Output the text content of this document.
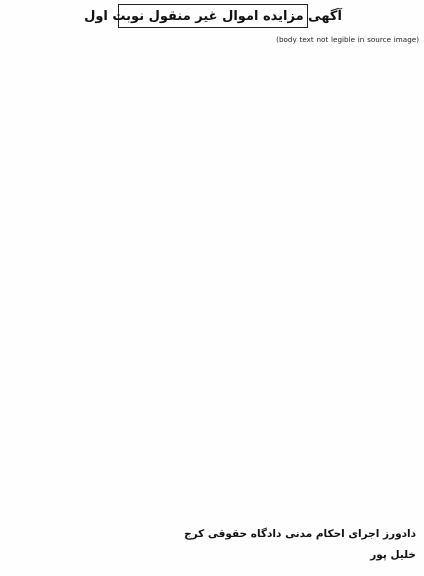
آگهی مزایده اموال غیر منقول نوبت اول

(body text not legible in source image)

دادورز اجرای احکام مدنی دادگاه حقوقی کرج
خلیل پور
